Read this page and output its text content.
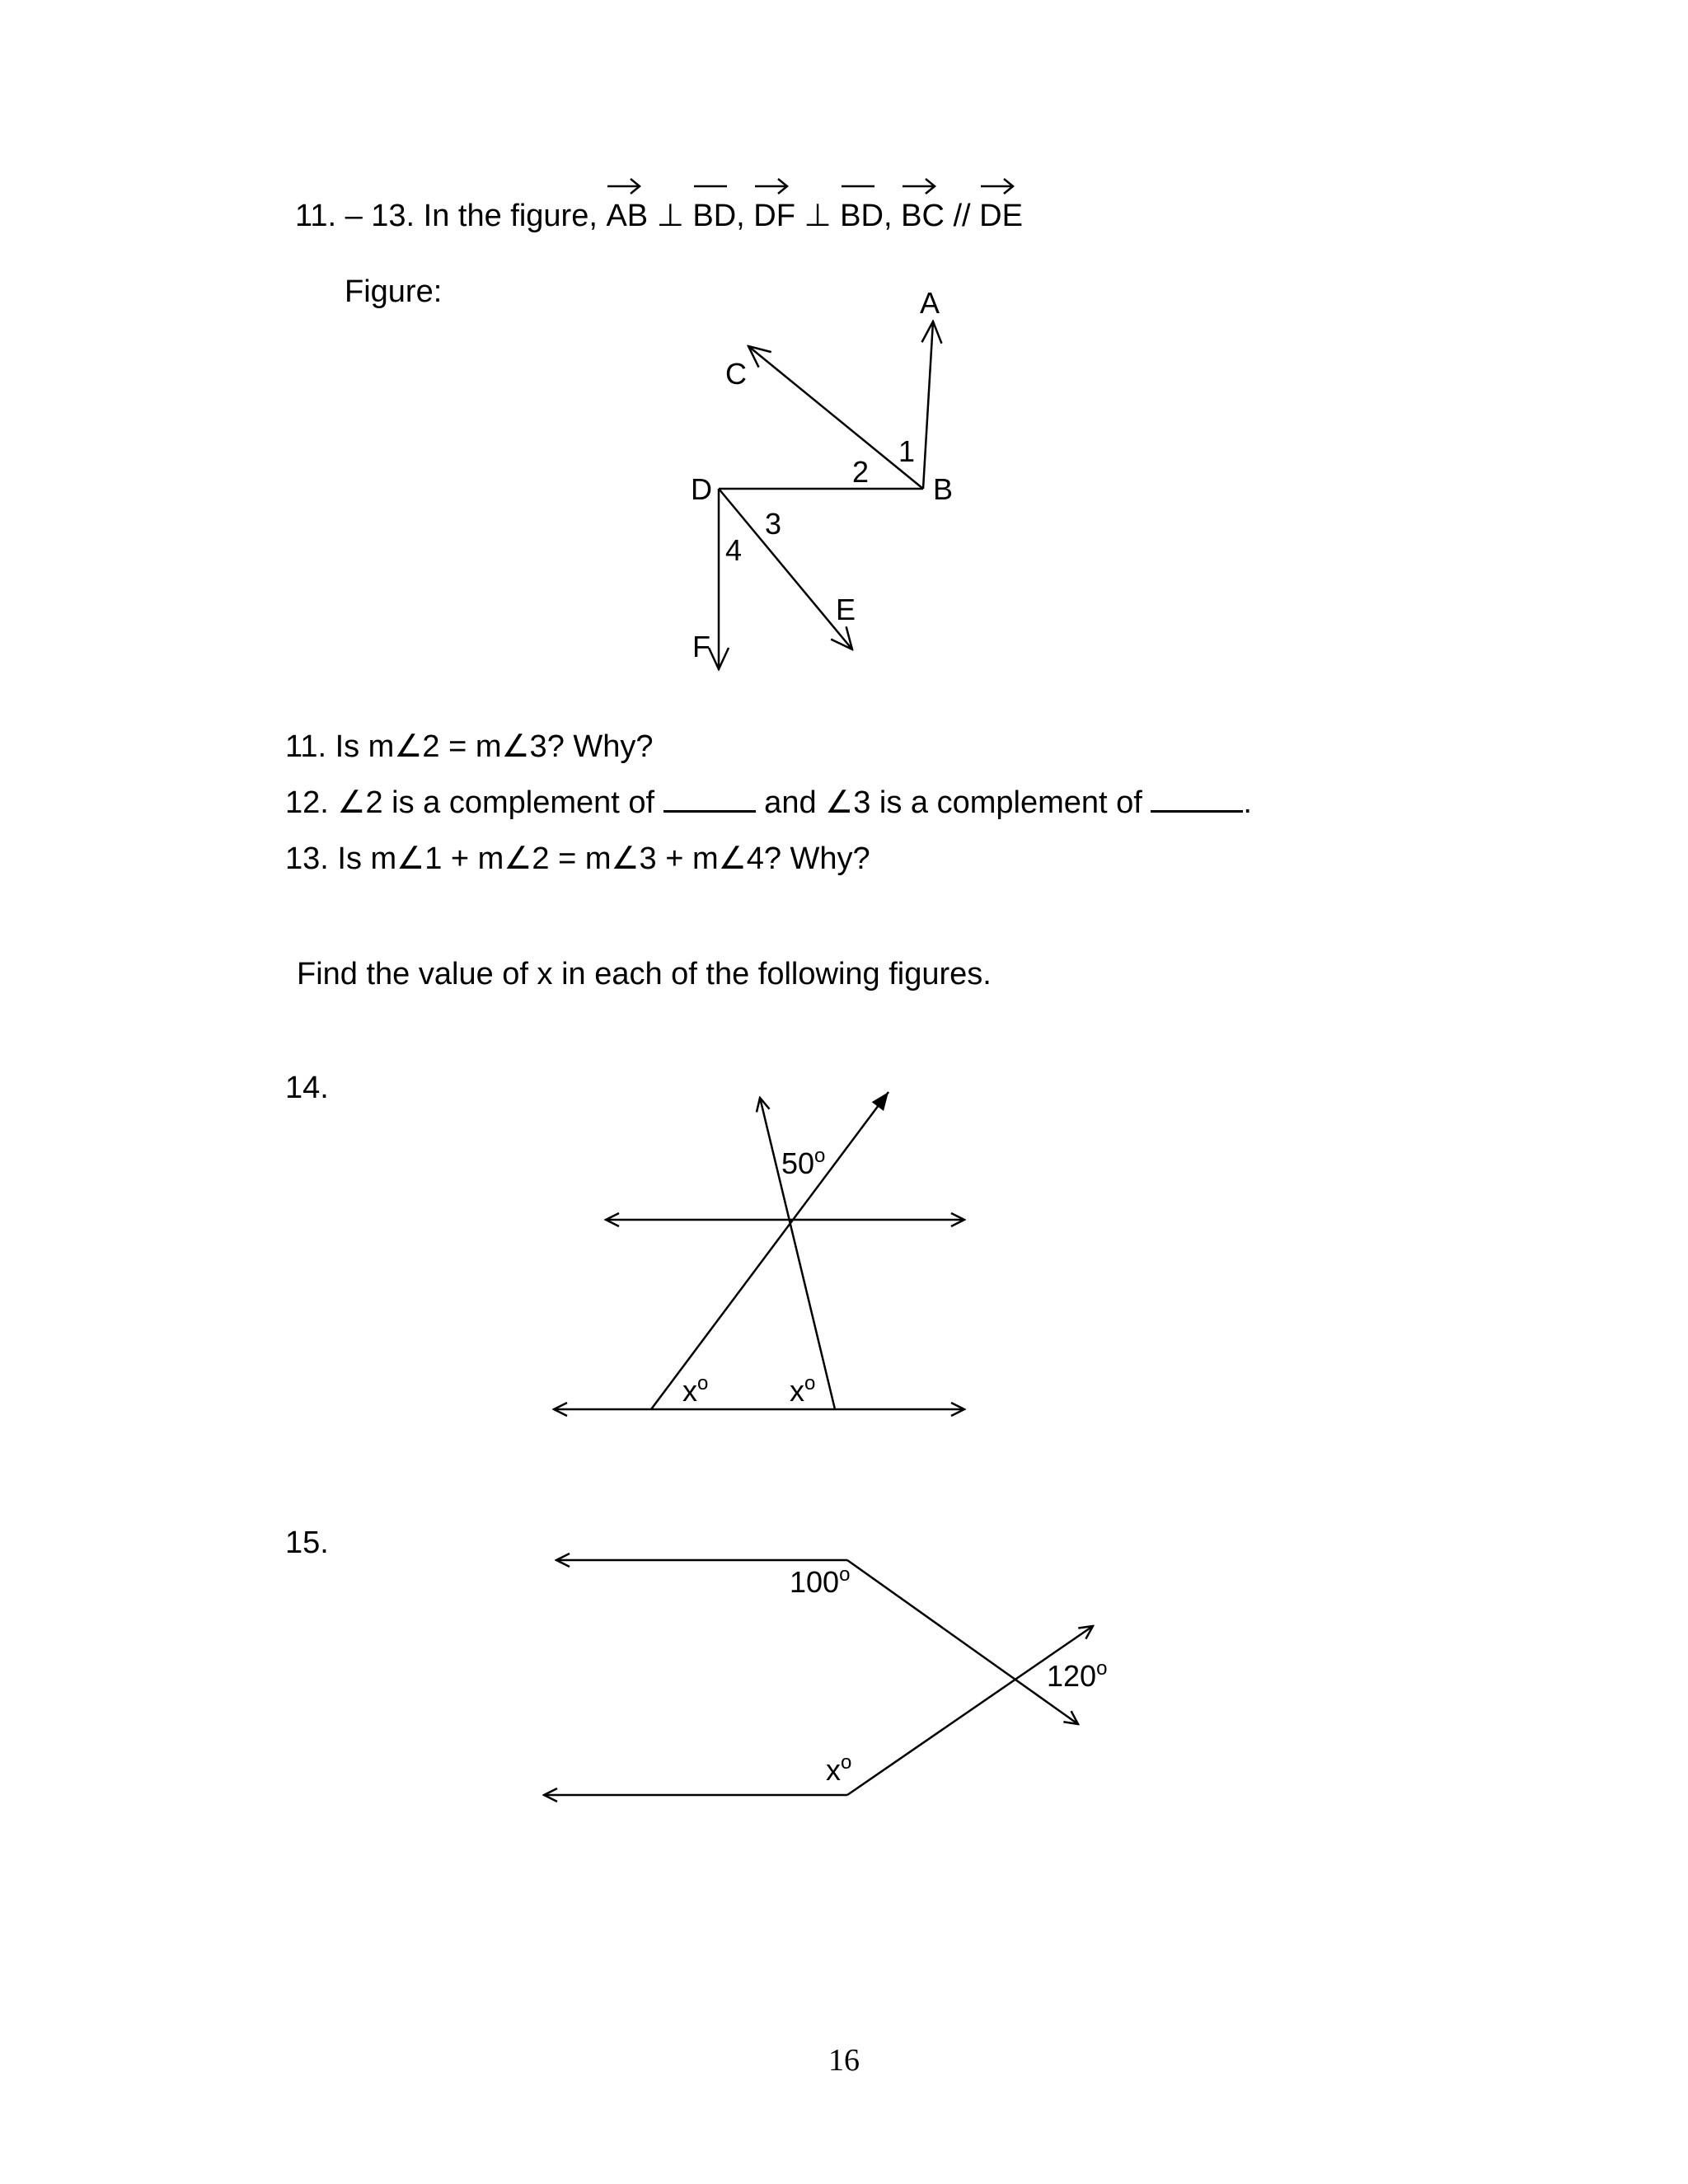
11. – 13. In the figure,
AB ⊥
BD,
DF ⊥
BD,
BC //
DE
Figure:	A
C
B
D
E
F
1
2
3
4
50$^o$
$x^o$	$x^o$
100$^o$
120$^o$
$x^o$
11. Is m∠2 = m∠3? Why?
12. ∠2 is a complement of	and ∠3 is a complement of	.
13. Is m∠1 + m∠2 = m∠3 + m∠4? Why?
Find the value of x in each of the following figures.
14.
15.
16
